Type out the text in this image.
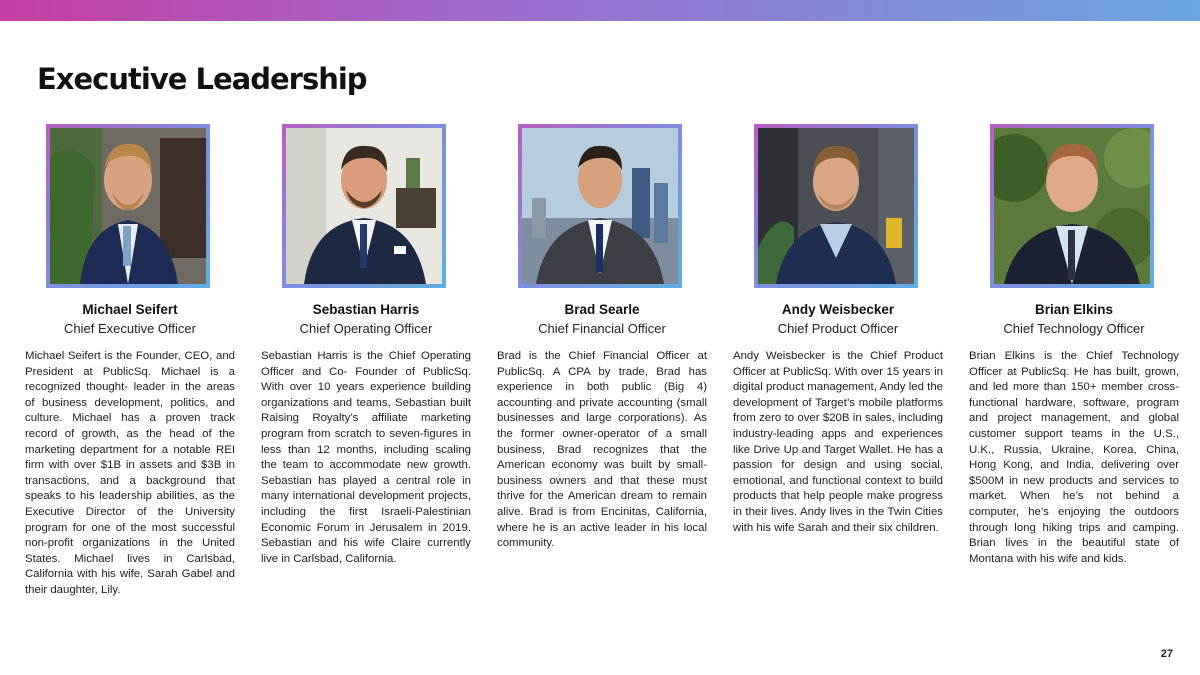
Executive Leadership
Michael Seifert
Chief Executive Officer
Michael Seifert is the Founder, CEO, and President at PublicSq. Michael is a recognized thought- leader in the areas of business development, politics, and culture. Michael has a proven track record of growth, as the head of the marketing department for a notable REI firm with over $1B in assets and $3B in transactions, and a background that speaks to his leadership abilities, as the Executive Director of the University program for one of the most successful non-profit organizations in the United States. Michael lives in Carlsbad, California with his wife, Sarah Gabel and their daughter, Lily.
Sebastian Harris
Chief Operating Officer
Sebastian Harris is the Chief Operating Officer and Co- Founder of PublicSq. With over 10 years experience building organizations and teams, Sebastian built Raising Royalty’s affiliate marketing program from scratch to seven-figures in less than 12 months, including scaling the team to accommodate new growth. Sebastian has played a central role in many international development projects, including the first Israeli-Palestinian Economic Forum in Jerusalem in 2019. Sebastian and his wife Claire currently live in Carlsbad, California.
Brad Searle
Chief Financial Officer
Brad is the Chief Financial Officer at PublicSq. A CPA by trade, Brad has experience in both public (Big 4) accounting and private accounting (small businesses and large corporations). As the former owner-operator of a small business, Brad recognizes that the American economy was built by small-business owners and that these must thrive for the American dream to remain alive. Brad is from Encinitas, California, where he is an active leader in his local community.
Andy Weisbecker
Chief Product Officer
Andy Weisbecker is the Chief Product Officer at PublicSq. With over 15 years in digital product management, Andy led the development of Target’s mobile platforms from zero to over $20B in sales, including industry-leading apps and experiences like Drive Up and Target Wallet. He has a passion for design and using social, emotional, and functional context to build products that help people make progress in their lives. Andy lives in the Twin Cities with his wife Sarah and their six children.
Brian Elkins
Chief Technology Officer
Brian Elkins is the Chief Technology Officer at PublicSq. He has built, grown, and led more than 150+ member cross-functional hardware, software, program and project management, and global customer support teams in the U.S., U.K., Russia, Ukraine, Korea, China, Hong Kong, and India, delivering over $500M in new products and services to market. When he’s not behind a computer, he’s enjoying the outdoors through long hiking trips and camping. Brian lives in the beautiful state of Montana with his wife and kids.
27
